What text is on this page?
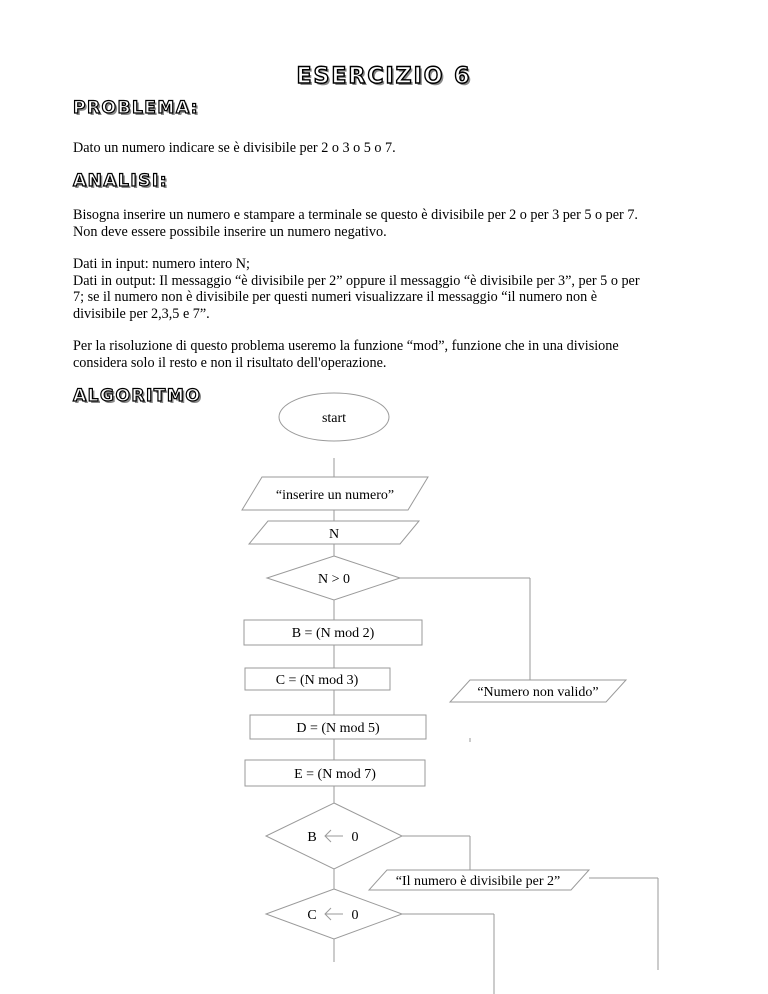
ESERCIZIO 6
PROBLEMA:

Dato un numero indicare se è divisibile per 2 o 3 o 5 o 7.

ANALISI:

Bisogna inserire un numero e stampare a terminale se questo è divisibile per 2 o per 3 per 5 o per 7.

Non deve essere possibile inserire un numero negativo.

Dati in input: numero intero N;

Dati in output: Il messaggio “è divisibile per 2” oppure il messaggio “è divisibile per 3”, per 5 o per

7; se il numero non è divisibile per questi numeri visualizzare il messaggio “il numero non è

divisibile per 2,3,5 e 7”.

Per la risoluzione di questo problema useremo la funzione “mod”, funzione che in una divisione

considera solo il resto e non il risultato dell'operazione.

ALGORITMO
start
“inserire un numero”
N
N > 0
B = (N mod 2)
C = (N mod 3)
“Numero non valido”
D = (N mod 5)
E = (N mod 7)
B 0
“Il numero è divisibile per 2”
C 0
